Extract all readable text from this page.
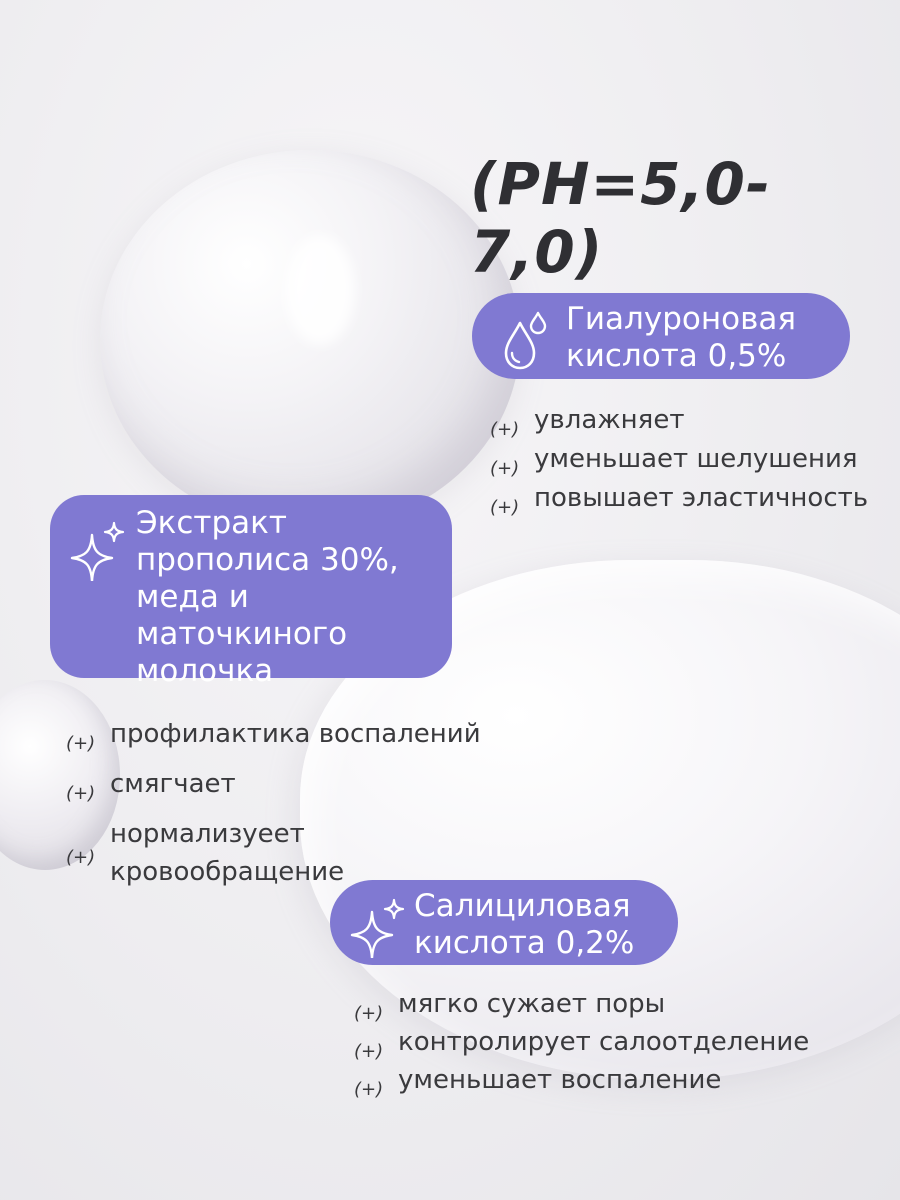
(PH=5,0-7,0)
Гиалуроновая
кислота 0,5%
(+) увлажняет
(+) уменьшает шелушения
(+) повышает эластичность
Экстракт
прополиса 30%,
меда и
маточкиного
молочка
(+) профилактика воспалений
(+) смягчает
(+)
нормализуеет
кровообращение
Салициловая
кислота 0,2%
(+) мягко сужает поры
(+) контролирует салоотделение
(+) уменьшает воспаление
